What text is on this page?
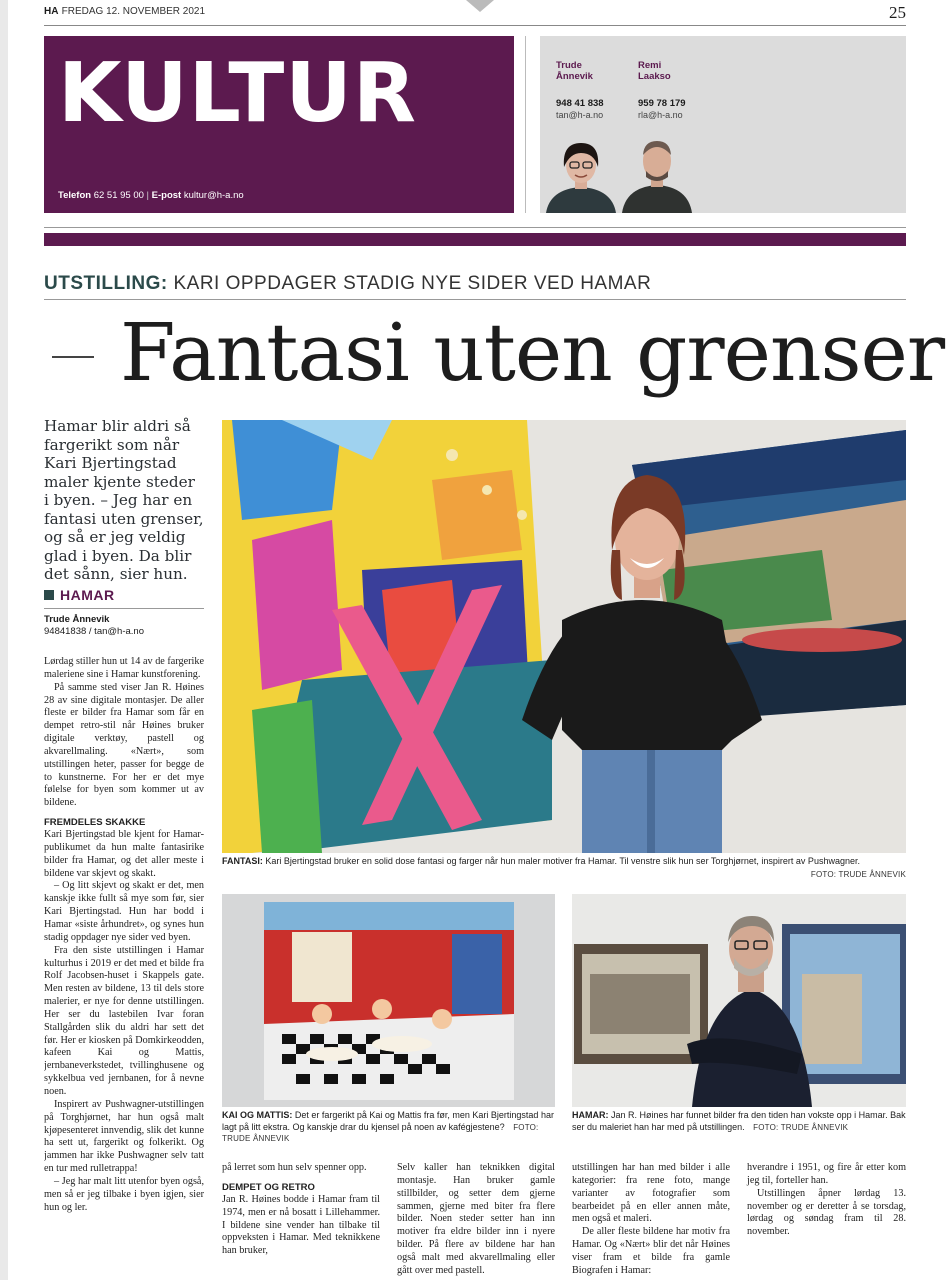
HA FREDAG 12. NOVEMBER 2021	25
KULTUR
Telefon 62 51 95 00 | E-post kultur@h-a.no
Trude
Ånnevik
948 41 838
tan@h-a.no
Remi
Laakso
959 78 179
rla@h-a.no
UTSTILLING: KARI OPPDAGER STADIG NYE SIDER VED HAMAR
Fantasi uten grenser
Hamar blir aldri så fargerikt som når Kari Bjertingstad maler kjente steder i byen. – Jeg har en fantasi uten grenser, og så er jeg veldig glad i byen. Da blir det sånn, sier hun.
HAMAR
Trude Ånnevik
94841838 / tan@h-a.no

Lørdag stiller hun ut 14 av de fargerike maleriene sine i Hamar kunstforening.

På samme sted viser Jan R. Høines 28 av sine digitale montasjer. De aller fleste er bilder fra Hamar som får en dempet retro-stil når Høines bruker digitale verktøy, pastell og akvarellmaling. «Nært», som utstillingen heter, passer for begge de to kunstnerne. For her er det mye følelse for byen som kommer ut av bildene.

FREMDELES SKAKKE

Kari Bjertingstad ble kjent for Hamar-publikumet da hun malte fantasirike bilder fra Hamar, og det aller meste i bildene var skjevt og skakt.

– Og litt skjevt og skakt er det, men kanskje ikke fullt så mye som før, sier Kari Bjertingstad. Hun har bodd i Hamar «siste århundret», og synes hun stadig oppdager nye sider ved byen.

Fra den siste utstillingen i Hamar kulturhus i 2019 er det med et bilde fra Rolf Jacobsen-huset i Skappels gate. Men resten av bildene, 13 til dels store malerier, er nye for denne utstillingen. Her ser du lastebilen Ivar foran Stallgården slik du aldri har sett det før. Her er kiosken på Domkirkeodden, kafeen Kai og Mattis, jernbaneverkstedet, tvillinghusene og sykkelbua ved jernbanen, for å nevne noen.

Inspirert av Pushwagner-utstillingen på Torghjørnet, har hun også malt kjøpesenteret innvendig, slik det kunne ha sett ut, fargerikt og folkerikt. Og jammen har ikke Pushwagner selv tatt en tur med rulletrappa!

– Jeg har malt litt utenfor byen også, men så er jeg tilbake i byen igjen, sier hun og ler.

FANTASI: Kari Bjertingstad bruker en solid dose fantasi og farger når hun maler motiver fra Hamar. Til venstre slik hun ser Torghjørnet, inspirert av Pushwagner.
FOTO: TRUDE ÅNNEVIK
KAI OG MATTIS: Det er fargerikt på Kai og Mattis fra før, men Kari Bjertingstad har lagt på litt ekstra. Og kanskje drar du kjensel på noen av kafégjestene? FOTO: TRUDE ÅNNEVIK
HAMAR: Jan R. Høines har funnet bilder fra den tiden han vokste opp i Hamar. Bak ser du maleriet han har med på utstillingen. FOTO: TRUDE ÅNNEVIK

på lerret som hun selv spenner opp.

DEMPET OG RETRO

Jan R. Høines bodde i Hamar fram til 1974, men er nå bosatt i Lillehammer. I bildene sine vender han tilbake til oppveksten i Hamar. Med teknikkene han bruker,

Selv kaller han teknikken digital montasje. Han bruker gamle stillbilder, og setter dem gjerne sammen, gjerne med biter fra flere bilder. Noen steder setter han inn motiver fra eldre bilder inn i nyere bilder. På flere av bildene har han også malt med akvarellmaling eller gått over med pastell.

utstillingen har han med bilder i alle kategorier: fra rene foto, mange varianter av fotografier som bearbeidet på en eller annen måte, men også et maleri.

De aller fleste bildene har motiv fra Hamar. Og «Nært» blir det når Høines viser fram et bilde fra gamle Biografen i Hamar:

hverandre i 1951, og fire år etter kom jeg til, forteller han.

Utstillingen åpner lørdag 13. november og er deretter å se torsdag, lørdag og søndag fram til 28. november.
